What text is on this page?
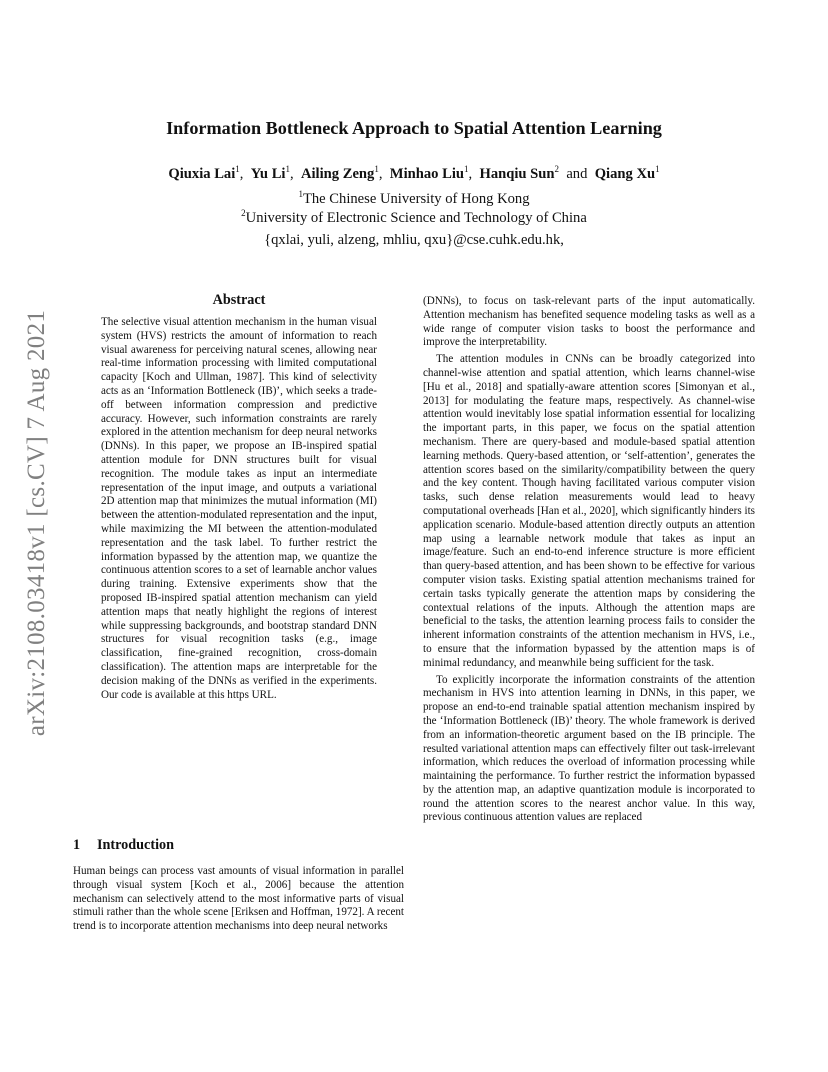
arXiv:2108.03418v1 [cs.CV] 7 Aug 2021
Information Bottleneck Approach to Spatial Attention Learning
Qiuxia Lai$^1$, Yu Li$^1$, Ailing Zeng$^1$, Minhao Liu$^1$, Hanqiu Sun$^2$ and Qiang Xu$^1$
$^1$The Chinese University of Hong Kong
$^2$University of Electronic Science and Technology of China
{qxlai, yuli, alzeng, mhliu, qxu}@cse.cuhk.edu.hk,
Abstract

The selective visual attention mechanism in the human visual system (HVS) restricts the amount of information to reach visual awareness for perceiving natural scenes, allowing near real-time information processing with limited computational capacity [Koch and Ullman, 1987]. This kind of selectivity acts as an ‘Information Bottleneck (IB)’, which seeks a trade-off between information compression and predictive accuracy. However, such information constraints are rarely explored in the attention mechanism for deep neural networks (DNNs). In this paper, we propose an IB-inspired spatial attention module for DNN structures built for visual recognition. The module takes as input an intermediate representation of the input image, and outputs a variational 2D attention map that minimizes the mutual information (MI) between the attention-modulated representation and the input, while maximizing the MI between the attention-modulated representation and the task label. To further restrict the information bypassed by the attention map, we quantize the continuous attention scores to a set of learnable anchor values during training. Extensive experiments show that the proposed IB-inspired spatial attention mechanism can yield attention maps that neatly highlight the regions of interest while suppressing backgrounds, and bootstrap standard DNN structures for visual recognition tasks (e.g., image classification, fine-grained recognition, cross-domain classification). The attention maps are interpretable for the decision making of the DNNs as verified in the experiments. Our code is available at this https URL.

1 Introduction

Human beings can process vast amounts of visual information in parallel through visual system [Koch et al., 2006] because the attention mechanism can selectively attend to the most informative parts of visual stimuli rather than the whole scene [Eriksen and Hoffman, 1972]. A recent trend is to incorporate attention mechanisms into deep neural networks

(DNNs), to focus on task-relevant parts of the input automatically. Attention mechanism has benefited sequence modeling tasks as well as a wide range of computer vision tasks to boost the performance and improve the interpretability.

The attention modules in CNNs can be broadly categorized into channel-wise attention and spatial attention, which learns channel-wise [Hu et al., 2018] and spatially-aware attention scores [Simonyan et al., 2013] for modulating the feature maps, respectively. As channel-wise attention would inevitably lose spatial information essential for localizing the important parts, in this paper, we focus on the spatial attention mechanism. There are query-based and module-based spatial attention learning methods. Query-based attention, or ‘self-attention’, generates the attention scores based on the similarity/compatibility between the query and the key content. Though having facilitated various computer vision tasks, such dense relation measurements would lead to heavy computational overheads [Han et al., 2020], which significantly hinders its application scenario. Module-based attention directly outputs an attention map using a learnable network module that takes as input an image/feature. Such an end-to-end inference structure is more efficient than query-based attention, and has been shown to be effective for various computer vision tasks. Existing spatial attention mechanisms trained for certain tasks typically generate the attention maps by considering the contextual relations of the inputs. Although the attention maps are beneficial to the tasks, the attention learning process fails to consider the inherent information constraints of the attention mechanism in HVS, i.e., to ensure that the information bypassed by the attention maps is of minimal redundancy, and meanwhile being sufficient for the task.

To explicitly incorporate the information constraints of the attention mechanism in HVS into attention learning in DNNs, in this paper, we propose an end-to-end trainable spatial attention mechanism inspired by the ‘Information Bottleneck (IB)’ theory. The whole framework is derived from an information-theoretic argument based on the IB principle. The resulted variational attention maps can effectively filter out task-irrelevant information, which reduces the overload of information processing while maintaining the performance. To further restrict the information bypassed by the attention map, an adaptive quantization module is incorporated to round the attention scores to the nearest anchor value. In this way, previous continuous attention values are replaced
